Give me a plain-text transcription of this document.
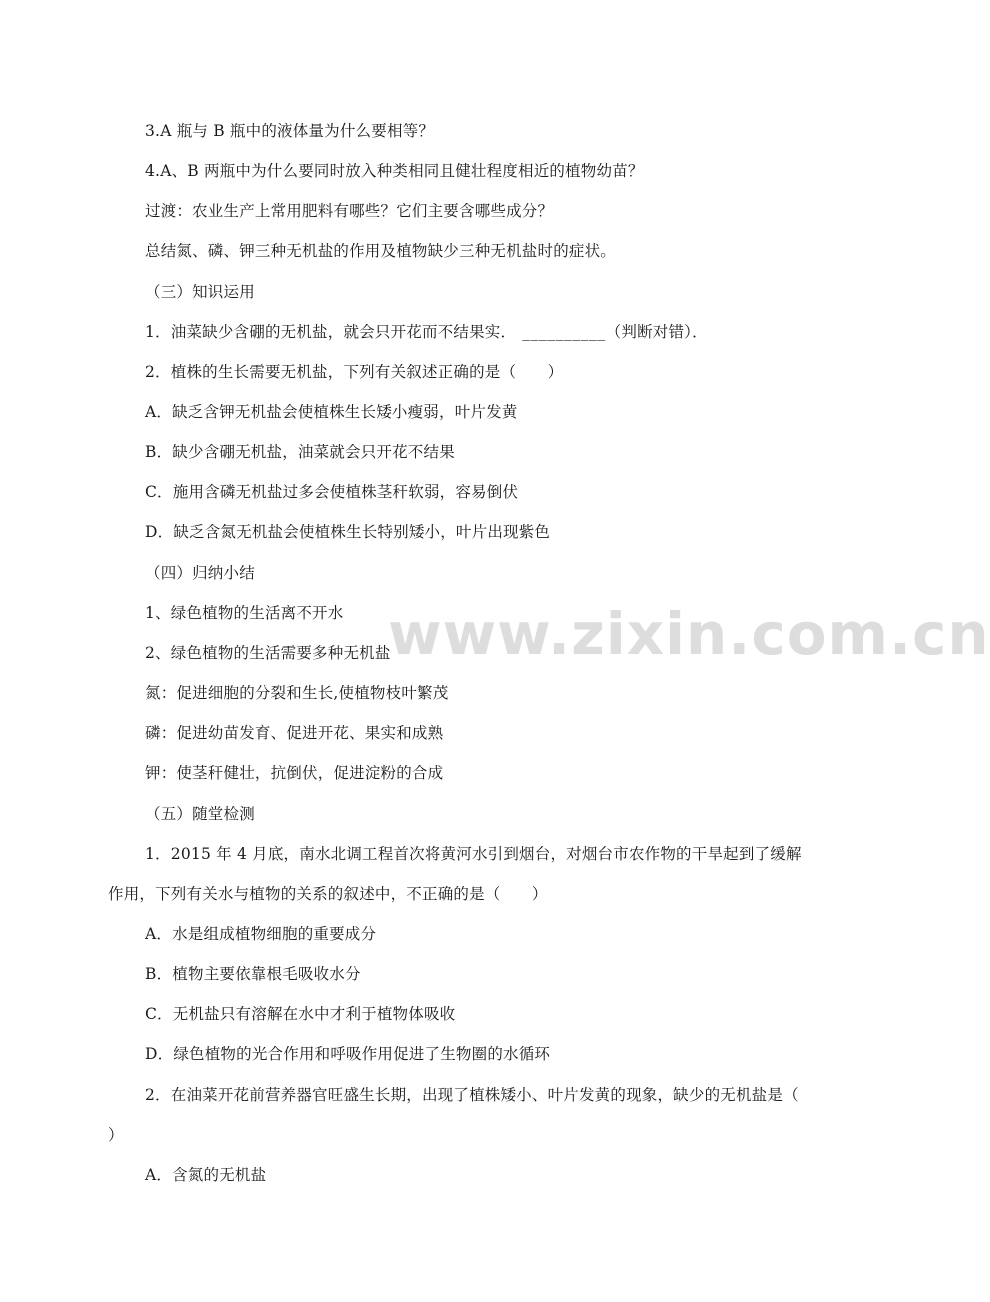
www.zixin.com.cn
3.A 瓶与 B 瓶中的液体量为什么要相等？
4.A、B 两瓶中为什么要同时放入种类相同且健壮程度相近的植物幼苗？
过渡：农业生产上常用肥料有哪些？它们主要含哪些成分？
总结氮、磷、钾三种无机盐的作用及植物缺少三种无机盐时的症状。
（三）知识运用
1．油菜缺少含硼的无机盐，就会只开花而不结果实． __________（判断对错）．
2．植株的生长需要无机盐，下列有关叙述正确的是（　　）
A．缺乏含钾无机盐会使植株生长矮小瘦弱，叶片发黄
B．缺少含硼无机盐，油菜就会只开花不结果
C．施用含磷无机盐过多会使植株茎秆软弱，容易倒伏
D．缺乏含氮无机盐会使植株生长特别矮小，叶片出现紫色
（四）归纳小结
1、绿色植物的生活离不开水
2、绿色植物的生活需要多种无机盐
氮：促进细胞的分裂和生长,使植物枝叶繁茂
磷：促进幼苗发育、促进开花、果实和成熟
钾：使茎秆健壮，抗倒伏，促进淀粉的合成
（五）随堂检测
1．2015 年 4 月底，南水北调工程首次将黄河水引到烟台，对烟台市农作物的干旱起到了缓解
作用，下列有关水与植物的关系的叙述中，不正确的是（　　）
A．水是组成植物细胞的重要成分
B．植物主要依靠根毛吸收水分
C．无机盐只有溶解在水中才利于植物体吸收
D．绿色植物的光合作用和呼吸作用促进了生物圈的水循环
2．在油菜开花前营养器官旺盛生长期，出现了植株矮小、叶片发黄的现象，缺少的无机盐是（
）
A．含氮的无机盐
